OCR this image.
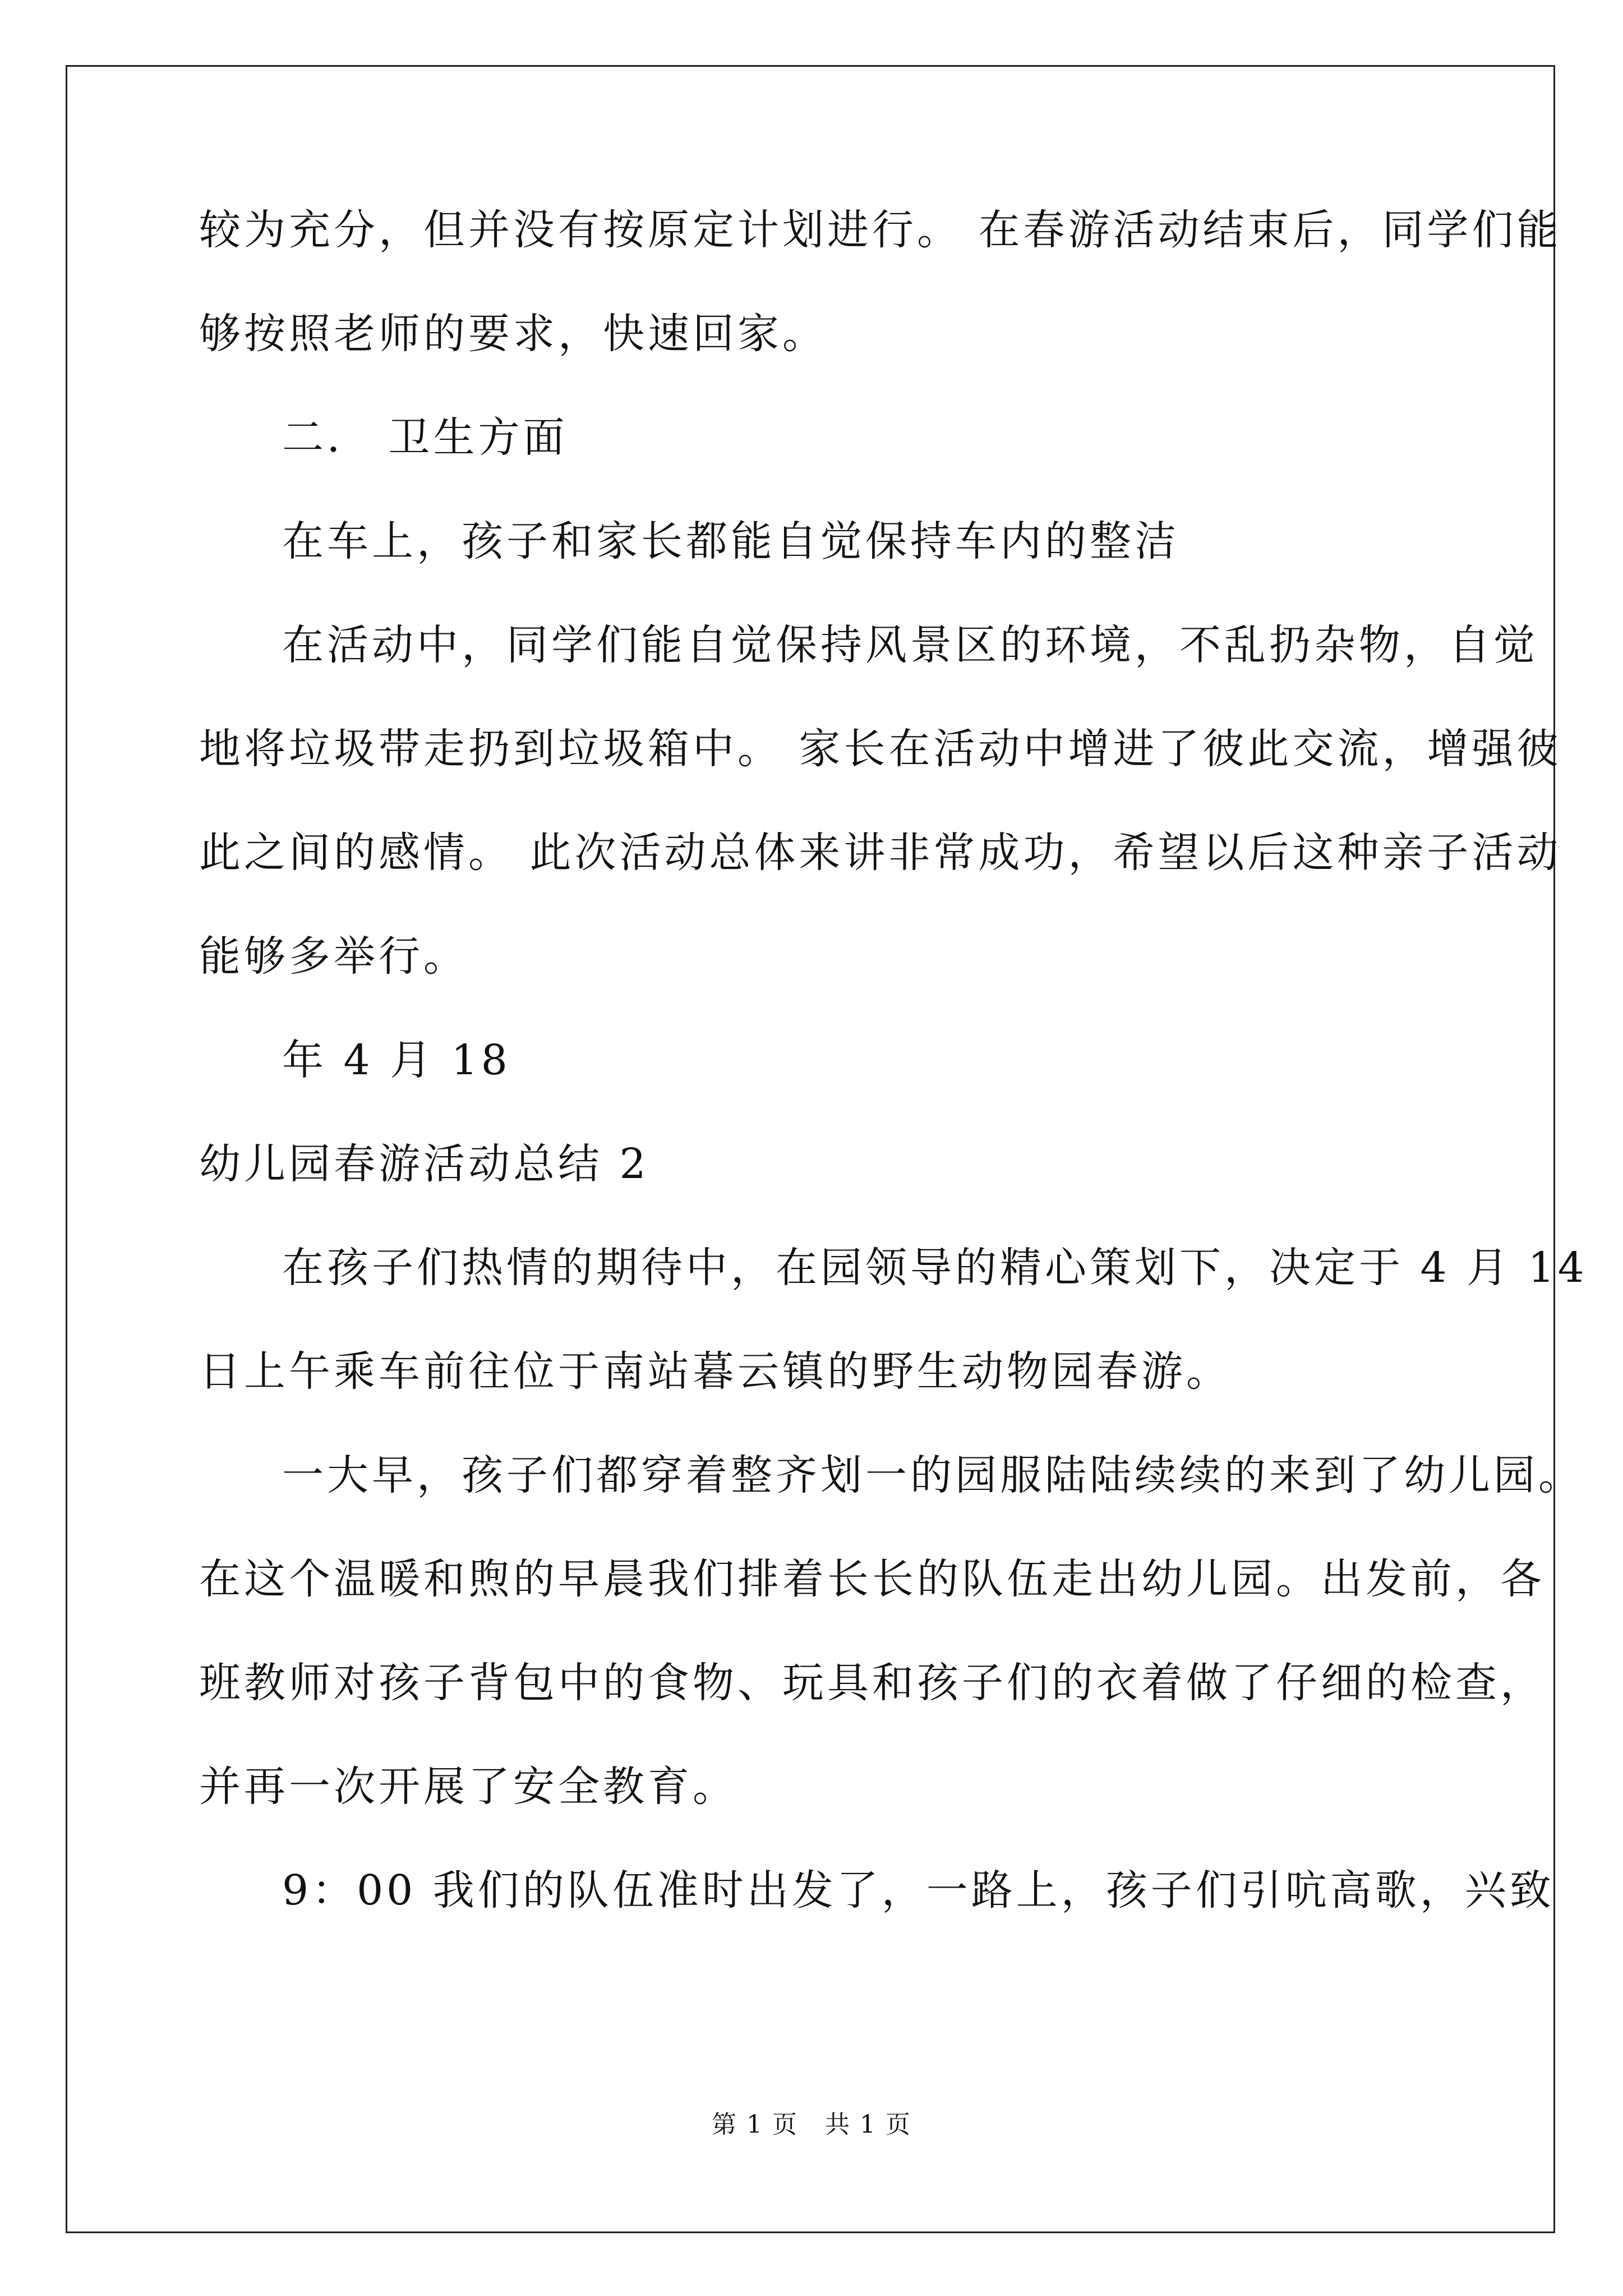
较为充分，但并没有按原定计划进行。 在春游活动结束后，同学们能
够按照老师的要求，快速回家。
二． 卫生方面
在车上，孩子和家长都能自觉保持车内的整洁
在活动中，同学们能自觉保持风景区的环境，不乱扔杂物，自觉
地将垃圾带走扔到垃圾箱中。 家长在活动中增进了彼此交流，增强彼
此之间的感情。 此次活动总体来讲非常成功，希望以后这种亲子活动
能够多举行。
年 4 月 18
幼儿园春游活动总结 2
在孩子们热情的期待中，在园领导的精心策划下，决定于 4 月 14
日上午乘车前往位于南站暮云镇的野生动物园春游。
一大早，孩子们都穿着整齐划一的园服陆陆续续的来到了幼儿园。
在这个温暖和煦的早晨我们排着长长的队伍走出幼儿园。出发前，各
班教师对孩子背包中的食物、玩具和孩子们的衣着做了仔细的检查，
并再一次开展了安全教育。
9：00 我们的队伍准时出发了，一路上，孩子们引吭高歌，兴致
第 1 页 共 1 页
